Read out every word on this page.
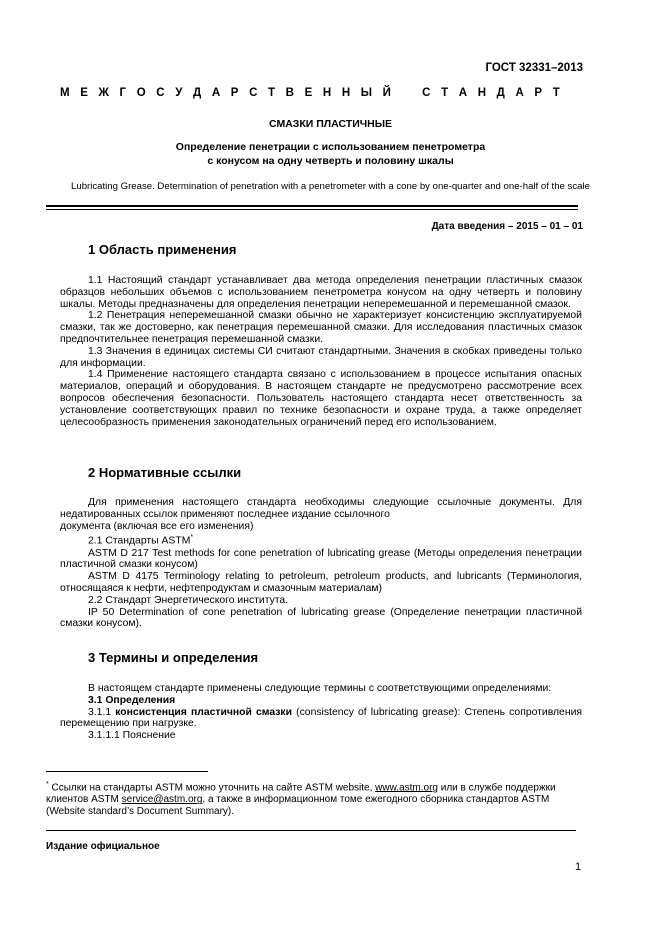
ГОСТ 32331–2013
М Е Ж Г О С У Д А Р С Т В Е Н Н Ы Й	С Т А Н Д А Р Т
СМАЗКИ ПЛАСТИЧНЫЕ
Определение пенетрации с использованием пенетрометра
с конусом на одну четверть и половину шкалы
Lubricating Grease. Determination of penetration with a penetrometer with a cone by one-quarter and one-half of the scale
Дата введения – 2015 – 01 – 01
1 Область применения

1.1 Настоящий стандарт устанавливает два метода определения пенетрации пластичных смазок образцов небольших объемов с использованием пенетрометра конусом на одну четверть и половину шкалы. Методы предназначены для определения пенетрации неперемешанной и перемешанной смазок.

1.2 Пенетрация неперемешанной смазки обычно не характеризует консистенцию эксплуатируемой смазки, так же достоверно, как пенетрация перемешанной смазки. Для исследования пластичных смазок предпочтительнее пенетрация перемешанной смазки.

1.3 Значения в единицах системы СИ считают стандартными. Значения в скобках приведены только для информации.

1.4 Применение настоящего стандарта связано с использованием в процессе испытания опасных материалов, операций и оборудования. В настоящем стандарте не предусмотрено рассмотрение всех вопросов обеспечения безопасности. Пользователь настоящего стандарта несет ответственность за установление соответствующих правил по технике безопасности и охране труда, а также определяет целесообразность применения законодательных ограничений перед его использованием.

2 Нормативные ссылки

Для применения настоящего стандарта необходимы следующие ссылочные документы. Для недатированных ссылок применяют последнее издание ссылочного

документа (включая все его изменения)

2.1 Стандарты ASTM*

ASTM D 217 Test methods for cone penetration of lubricating grease (Методы определения пенетрации пластичной смазки конусом)

ASTM D 4175 Terminology relating to petroleum, petroleum products, and lubricants (Терминология, относящаяся к нефти, нефтепродуктам и смазочным материалам)

2.2 Стандарт Энергетического института.

IP 50 Determination of cone penetration of lubricating grease (Определение пенетрации пластичной смазки конусом).

3 Термины и определения

В настоящем стандарте применены следующие термины с соответствующими определениями:

3.1 Определения

3.1.1 консистенция пластичной смазки (consistency of lubricating grease): Степень сопротивления перемещению при нагрузке.

3.1.1.1 Пояснение

* Ссылки на стандарты ASTM можно уточнить на сайте ASTM website, www.astm.org или в службе поддержки клиентов ASTM service@astm.org, а также в информационном томе ежегодного сборника стандартов ASTM (Website standard’s Document Summary).
Издание официальное
1
